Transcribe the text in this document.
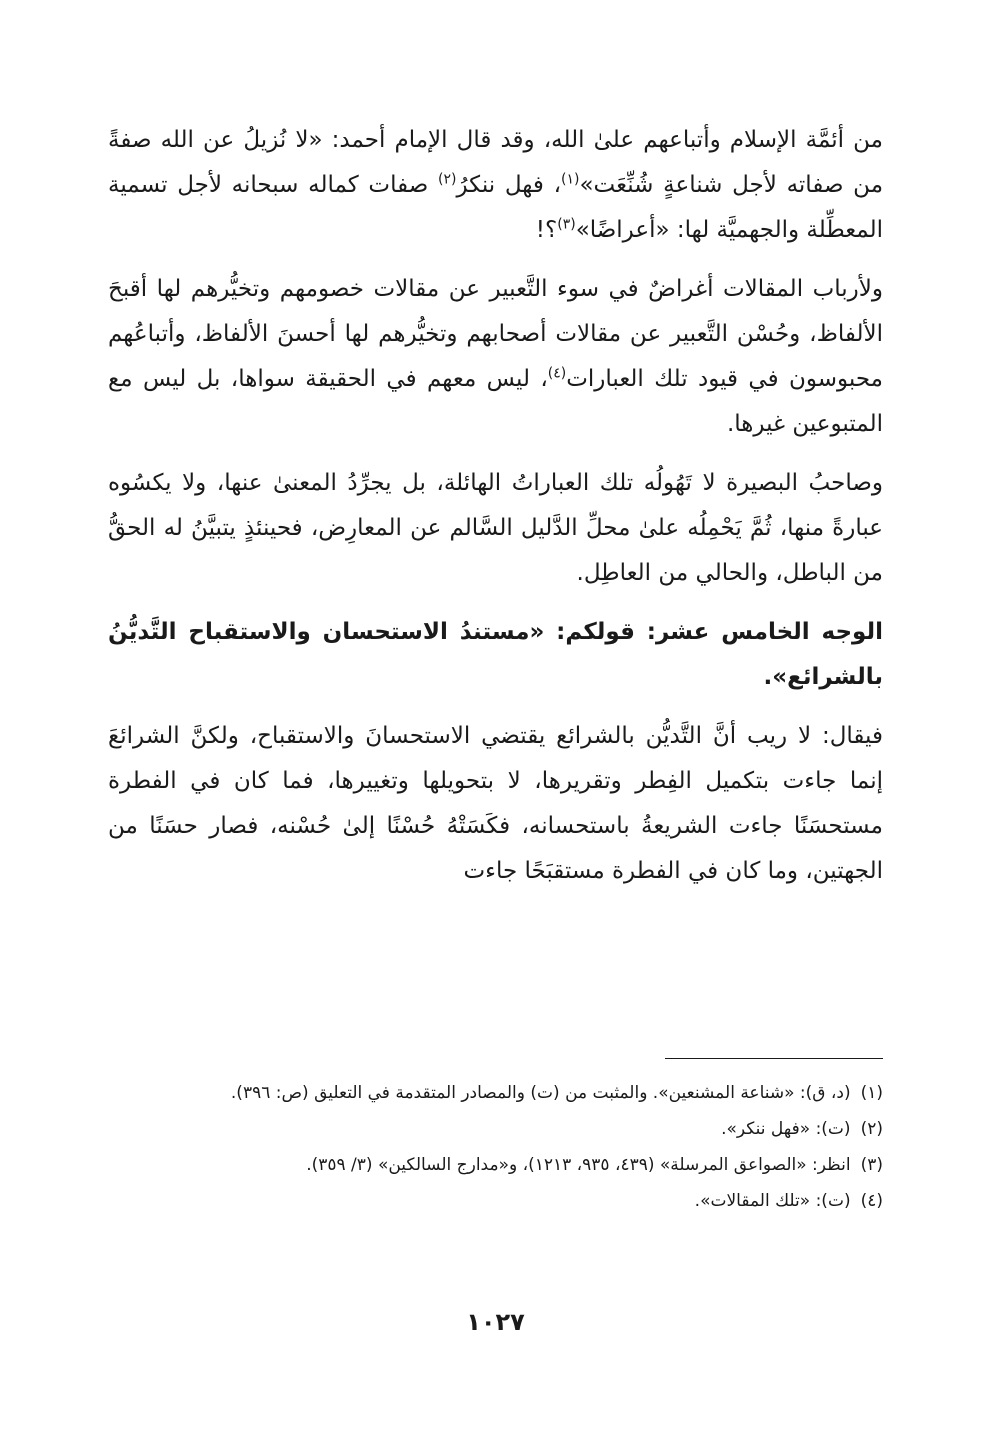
من أئمَّة الإسلام وأتباعهم علىٰ الله، وقد قال الإمام أحمد: «لا نُزيلُ عن الله صفةً من صفاته لأجل شناعةٍ شُنِّعَت»$^{(١)}$، فهل ننكرُ$^{(٢)}$ صفات كماله سبحانه لأجل تسمية المعطِّلة والجهميَّة لها: «أعراضًا»$^{(٣)}$؟!

ولأرباب المقالات أغراضٌ في سوء التَّعبير عن مقالات خصومهم وتخيُّرهم لها أقبحَ الألفاظ، وحُسْن التَّعبير عن مقالات أصحابهم وتخيُّرهم لها أحسنَ الألفاظ، وأتباعُهم محبوسون في قيود تلك العبارات$^{(٤)}$، ليس معهم في الحقيقة سواها، بل ليس مع المتبوعين غيرها.

وصاحبُ البصيرة لا تَهُولُه تلك العباراتُ الهائلة، بل يجرِّدُ المعنىٰ عنها، ولا يكسُوه عبارةً منها، ثُمَّ يَحْمِلُه علىٰ محلِّ الدَّليل السَّالم عن المعارِض، فحينئذٍ يتبيَّنُ له الحقُّ من الباطل، والحالي من العاطِل.

الوجه الخامس عشر: قولكم: «مستندُ الاستحسان والاستقباح التَّديُّنُ بالشرائع».

فيقال: لا ريب أنَّ التَّديُّن بالشرائع يقتضي الاستحسانَ والاستقباح، ولكنَّ الشرائعَ إنما جاءت بتكميل الفِطر وتقريرها، لا بتحويلها وتغييرها، فما كان في الفطرة مستحسَنًا جاءت الشريعةُ باستحسانه، فكَسَتْهُ حُسْنًا إلىٰ حُسْنه، فصار حسَنًا من الجهتين، وما كان في الفطرة مستقبَحًا جاءت

(١)
(د، ق): «شناعة المشنعين». والمثبت من (ت) والمصادر المتقدمة في التعليق (ص: ٣٩٦).
(٢)
(ت): «فهل ننكر».
(٣)
انظر: «الصواعق المرسلة» (٤٣٩، ٩٣٥، ١٢١٣)، و«مدارج السالكين» (٣/ ٣٥٩).
(٤)
(ت): «تلك المقالات».
١٠٢٧
